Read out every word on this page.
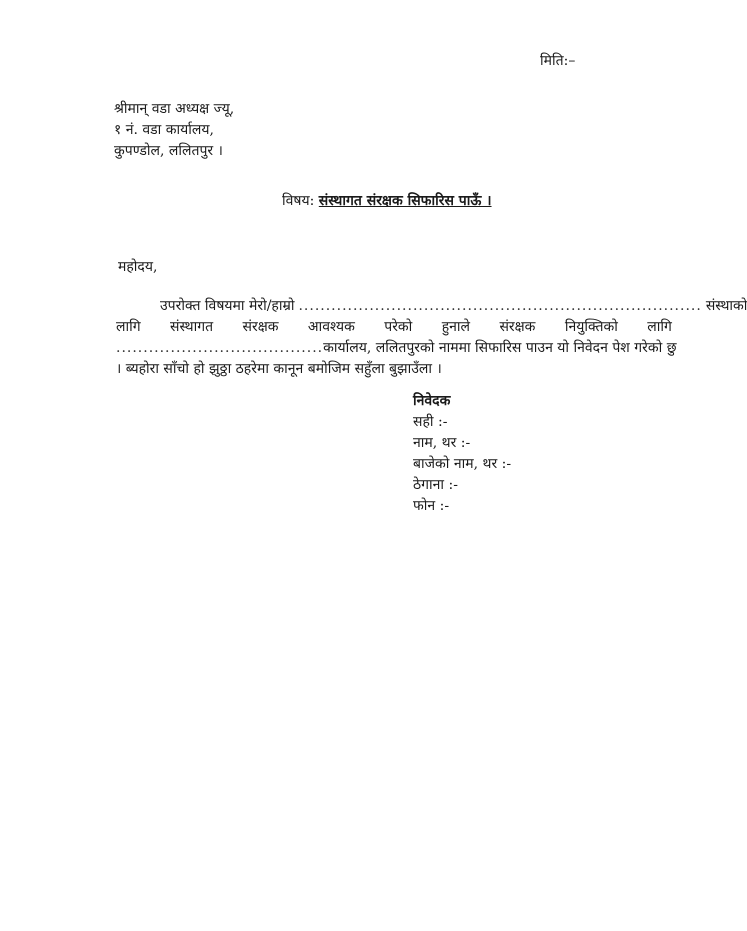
मिति:–
श्रीमान् वडा अध्यक्ष ज्यू,
१ नं. वडा कार्यालय,
कुपण्डोल, ललितपुर ।
विषय: संस्थागत संरक्षक सिफारिस पाऊँ ।
महोदय,
उपरोक्त विषयमा मेरो/हाम्रो .......................................................................... संस्थाको
लागि संस्थागत संरक्षक आवश्यक परेको हुनाले संरक्षक नियुक्तिको लागि
...................................... कार्यालय, ललितपुरको नाममा सिफारिस पाउन यो निवेदन पेश गरेको छु
। ब्यहोरा साँचो हो झुठ्ठा ठहरेमा कानून बमोजिम सहुँला बुझाउँला ।
निवेदक
सही :-
नाम, थर :-
बाजेको नाम, थर :-
ठेगाना :-
फोन :-
